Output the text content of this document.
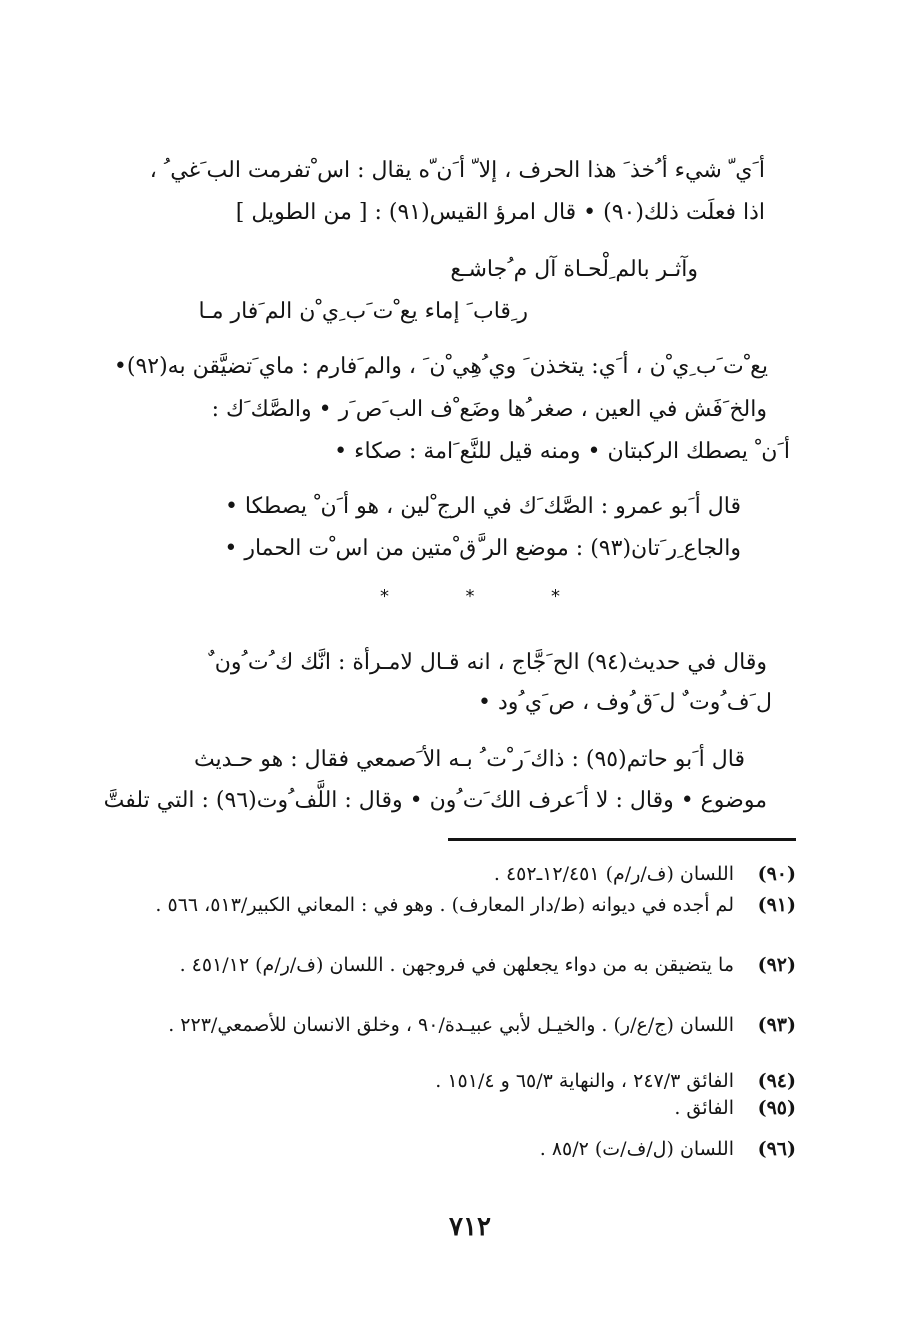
أ َي ّ شيء أ ُخذ َ هذا الحرف ، إلا ّ أ َن ّه يقال : اس ْتفرمت الب َغي ُ ،
اذا فعلَت ذلك(٩٠) • قال امرؤ القيس(٩١) : [ من الطويل ]
وآثـر بالم ِلْحـاة آل م ُجاشـع
ر ِقاب َ إماء يع ْت َب ِي ْن الم َفار مـا
يع ْت َب ِي ْن ، أ َي: يتخذن َ وي ُهِي ْن َ ، والم َفارم : ماي َتضيَّقن به(٩٢)•
والخ َفَش في العين ، صغر ُها وضَع ْف الب َص َر • والصَّك َك :
أ َن ْ يصطك الركبتان • ومنه قيل للنَّع َامة : صكاء •
قال أ َبو عمرو : الصَّك َك في الرج ْلين ، هو أ َن ْ يصطكا •
والجاع ِر َتان(٩٣) : موضع الر َّق ْمتين من اس ْت الحمار •
*	*	*
وقال في حديث(٩٤) الح َجَّاج ، انه قـال لامـرأة : انَّك ك ُت ُون ٌ
ل َف ُوت ٌ ل َق ُوف ، ص َي ُود •
قال أ َبو حاتم(٩٥) : ذاك َر ْت ُ بـه الأ َصمعي فقال : هو حـديث
موضوع • وقال : لا أ َعرف الك َت ُون • وقال : اللَّف ُوت(٩٦) : التي تلفتَّ
(٩٠)
اللسان (ف/ر/م) ١٢/٤٥١ـ٤٥٢ .
(٩١)
لم أجده في ديوانه (ط/دار المعارف) . وهو في : المعاني الكبير/٥١٣، ٥٦٦ .
(٩٢)
ما يتضيقن به من دواء يجعلهن في فروجهن . اللسان (ف/ر/م) ٤٥١/١٢ .
(٩٣)
اللسان (ج/ع/ر) . والخيـل لأبي عبيـدة/٩٠ ، وخلق الانسان للأصمعي/٢٢٣ .
(٩٤)
الفائق ٢٤٧/٣ ، والنهاية ٦٥/٣ و ١٥١/٤ .
(٩٥)
الفائق .
(٩٦)
اللسان (ل/ف/ت) ٨٥/٢ .
٧١٢
